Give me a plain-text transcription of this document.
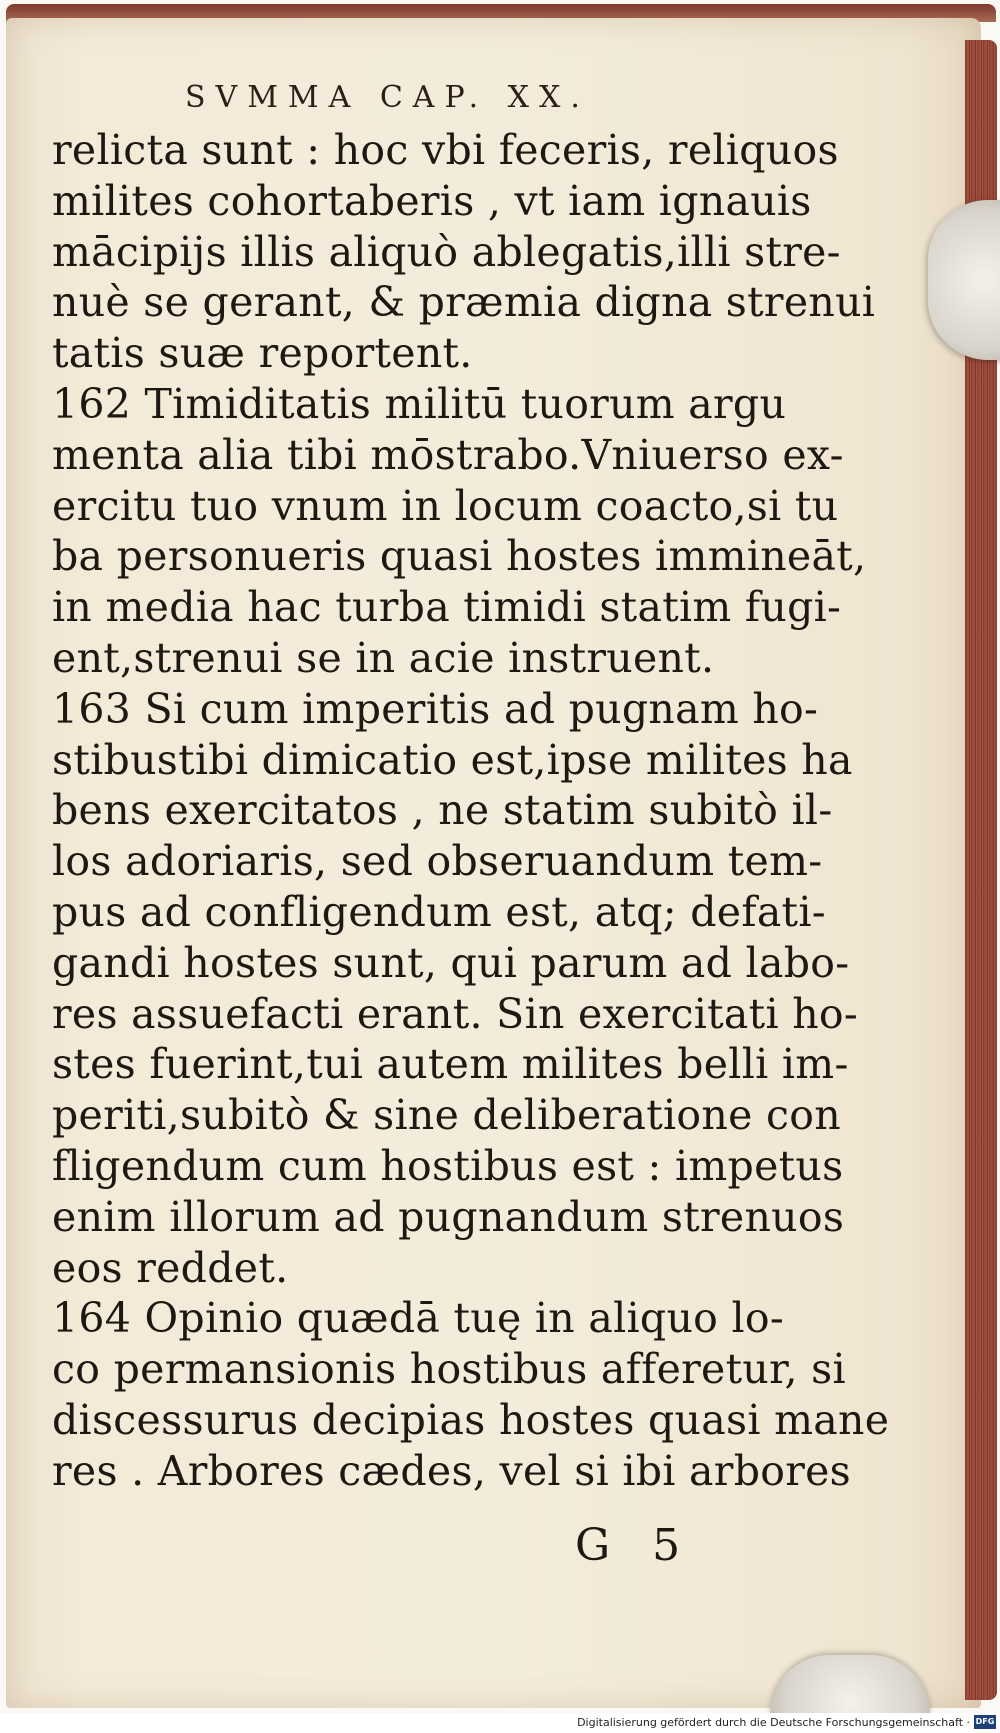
SVMMA CAP. XX.
relicta sunt : hoc vbi feceris, reliquos
milites cohortaberis , vt iam ignauis
mācipijs illis aliquò ablegatis,illi stre-
nuè se gerant, & præmia digna strenui
tatis suæ reportent.
162 Timiditatis militū tuorum argu
menta alia tibi mōstrabo.Vniuerso ex-
ercitu tuo vnum in locum coacto,si tu
ba personueris quasi hostes immineāt,
in media hac turba timidi statim fugi-
ent,strenui se in acie instruent.
163 Si cum imperitis ad pugnam ho-
stibustibi dimicatio est,ipse milites ha
bens exercitatos , ne statim subitò il-
los adoriaris, sed obseruandum tem-
pus ad confligendum est, atq; defati-
gandi hostes sunt, qui parum ad labo-
res assuefacti erant. Sin exercitati ho-
stes fuerint,tui autem milites belli im-
periti,subitò & sine deliberatione con
fligendum cum hostibus est : impetus
enim illorum ad pugnandum strenuos
eos reddet.
164 Opinio quædā tuę in aliquo lo-
co permansionis hostibus afferetur, si
discessurus decipias hostes quasi mane
res . Arbores cædes, vel si ibi arbores
G 5
Digitalisierung gefördert durch die Deutsche Forschungsgemeinschaft · DFG
